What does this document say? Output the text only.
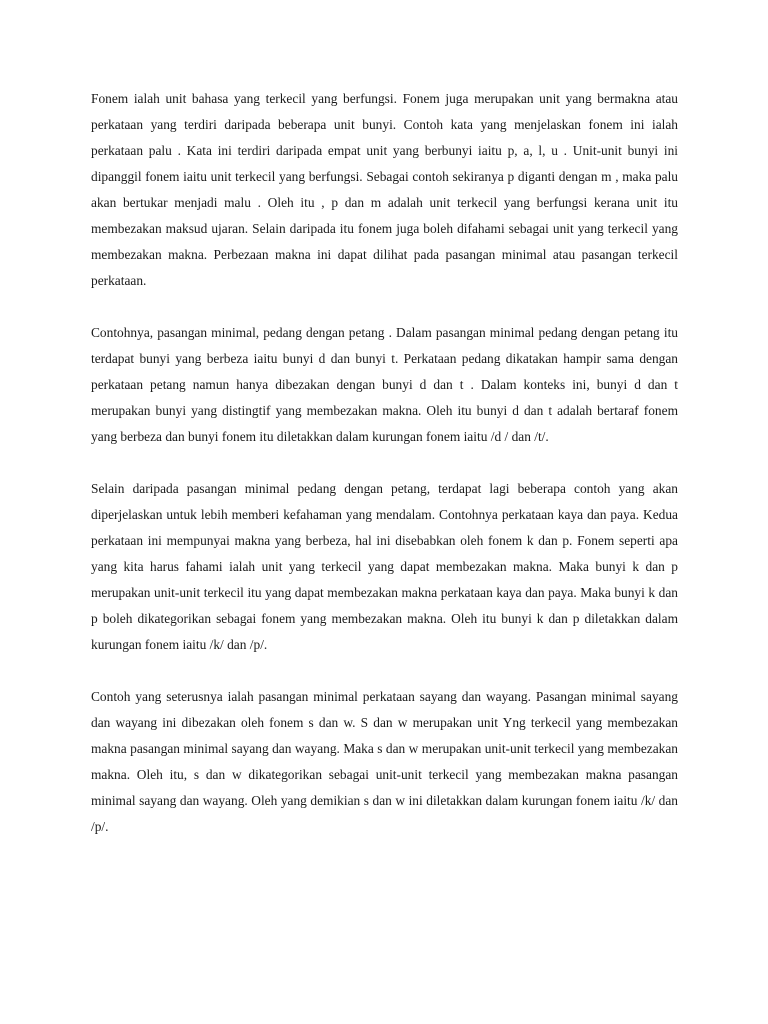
Fonem ialah unit bahasa yang terkecil yang berfungsi. Fonem juga merupakan unit yang bermakna atau perkataan yang terdiri daripada beberapa unit bunyi. Contoh kata yang menjelaskan fonem ini ialah perkataan palu . Kata ini terdiri daripada empat unit yang berbunyi iaitu p, a, l, u . Unit-unit bunyi ini dipanggil fonem iaitu unit terkecil yang berfungsi. Sebagai contoh sekiranya p diganti dengan m , maka palu akan bertukar menjadi malu . Oleh itu , p dan m adalah unit terkecil yang berfungsi kerana unit itu membezakan maksud ujaran. Selain daripada itu fonem juga boleh difahami sebagai unit yang terkecil yang membezakan makna. Perbezaan makna ini dapat dilihat pada pasangan minimal atau pasangan terkecil perkataan.

Contohnya, pasangan minimal, pedang dengan petang . Dalam pasangan minimal pedang dengan petang itu terdapat bunyi yang berbeza iaitu bunyi d dan bunyi t. Perkataan pedang dikatakan hampir sama dengan perkataan petang namun hanya dibezakan dengan bunyi d dan t . Dalam konteks ini, bunyi d dan t merupakan bunyi yang distingtif yang membezakan makna. Oleh itu bunyi d dan t adalah bertaraf fonem yang berbeza dan bunyi fonem itu diletakkan dalam kurungan fonem iaitu /d / dan /t/.

Selain daripada pasangan minimal pedang dengan petang, terdapat lagi beberapa contoh yang akan diperjelaskan untuk lebih memberi kefahaman yang mendalam. Contohnya perkataan kaya dan paya. Kedua perkataan ini mempunyai makna yang berbeza, hal ini disebabkan oleh fonem k dan p. Fonem seperti apa yang kita harus fahami ialah unit yang terkecil yang dapat membezakan makna. Maka bunyi k dan p merupakan unit-unit terkecil itu yang dapat membezakan makna perkataan kaya dan paya. Maka bunyi k dan p boleh dikategorikan sebagai fonem yang membezakan makna. Oleh itu bunyi k dan p diletakkan dalam kurungan fonem iaitu /k/ dan /p/.

Contoh yang seterusnya ialah pasangan minimal perkataan sayang dan wayang. Pasangan minimal sayang dan wayang ini dibezakan oleh fonem s dan w. S dan w merupakan unit Yng terkecil yang membezakan makna pasangan minimal sayang dan wayang. Maka s dan w merupakan unit-unit terkecil yang membezakan makna. Oleh itu, s dan w dikategorikan sebagai unit-unit terkecil yang membezakan makna pasangan minimal sayang dan wayang. Oleh yang demikian s dan w ini diletakkan dalam kurungan fonem iaitu /k/ dan /p/.
